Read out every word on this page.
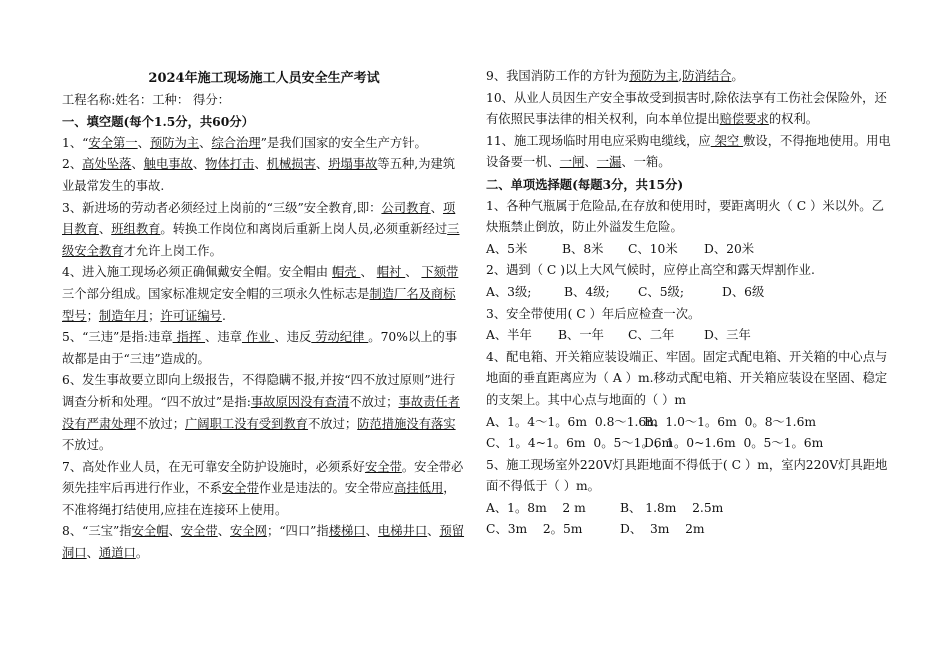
2024年施工现场施工人员安全生产考试

工程名称:姓名：工种： 得分：

一、填空题(每个1.5分，共60分）

1、“安全第一、预防为主、综合治理”是我们国家的安全生产方针。

2、高处坠落、触电事故、物体打击、机械损害、坍塌事故等五种,为建筑业最常发生的事故.

3、新进场的劳动者必须经过上岗前的“三级”安全教育,即：公司教育、项目教育、班组教育。转换工作岗位和离岗后重新上岗人员,必须重新经过三级安全教育才允许上岗工作。

4、进入施工现场必须正确佩戴安全帽。安全帽由 帽壳 、 帽衬 、 下颏带 三个部分组成。国家标准规定安全帽的三项永久性标志是制造厂名及商标型号；制造年月；许可证编号.

5、“三违”是指:违章 指挥 、违章 作业 、违反 劳动纪律 。70%以上的事故都是由于“三违”造成的。

6、发生事故要立即向上级报告，不得隐瞒不报,并按“四不放过原则”进行调查分析和处理。“四不放过”是指:事故原因没有查清不放过；事故责任者没有严肃处理不放过；广阔职工没有受到教育不放过；防范措施没有落实不放过。

7、高处作业人员，在无可靠安全防护设施时，必须系好安全带。安全带必须先挂牢后再进行作业，不系安全带作业是违法的。安全带应高挂低用，不准将绳打结使用,应挂在连接环上使用。

8、“三宝”指安全帽、安全带、安全网；“四口”指楼梯口、电梯井口、预留洞口、通道口。

9、我国消防工作的方针为预防为主,防消结合。

10、从业人员因生产安全事故受到损害时,除依法享有工伤社会保险外，还有依照民事法律的相关权利，向本单位提出赔偿要求的权利。

11、施工现场临时用电应采购电缆线，应 架空 敷设，不得拖地使用。用电设备要一机、一闸、一漏、一箱。

二、单项选择题(每题3分，共15分)

1、各种气瓶属于危险品,在存放和使用时，要距离明火（ C ）米以外。乙炔瓶禁止倒放，防止外溢发生危险。

A、5米	B、8米	C、10米	D、20米

2、遇到（ C )以上大风气候时，应停止高空和露天焊割作业.

A、3级;	B、4级;	C、5级;	D、6级

3、安全带使用( C ）年后应检查一次。

A、半年	B、一年	C、二年	D、三年

4、配电箱、开关箱应装设端正、牢固。固定式配电箱、开关箱的中心点与地面的垂直距离应为（ A ）m.移动式配电箱、开关箱应装设在坚固、稳定的支架上。其中心点与地面的（ ）m

A、1。4～1。6m  0.8～1.6m
B、1.0～1。6m  0。8～1.6m
C、1。4~1。6m  0。5～1。6m
D、1。0~1.6m  0。5～1。6m

5、施工现场室外220V灯具距地面不得低于( C ）m，室内220V灯具距地面不得低于（ ）m。

A、1。8m    2 m	B、 1.8m    2.5m
C、3m    2。5m	D、  3m    2m
